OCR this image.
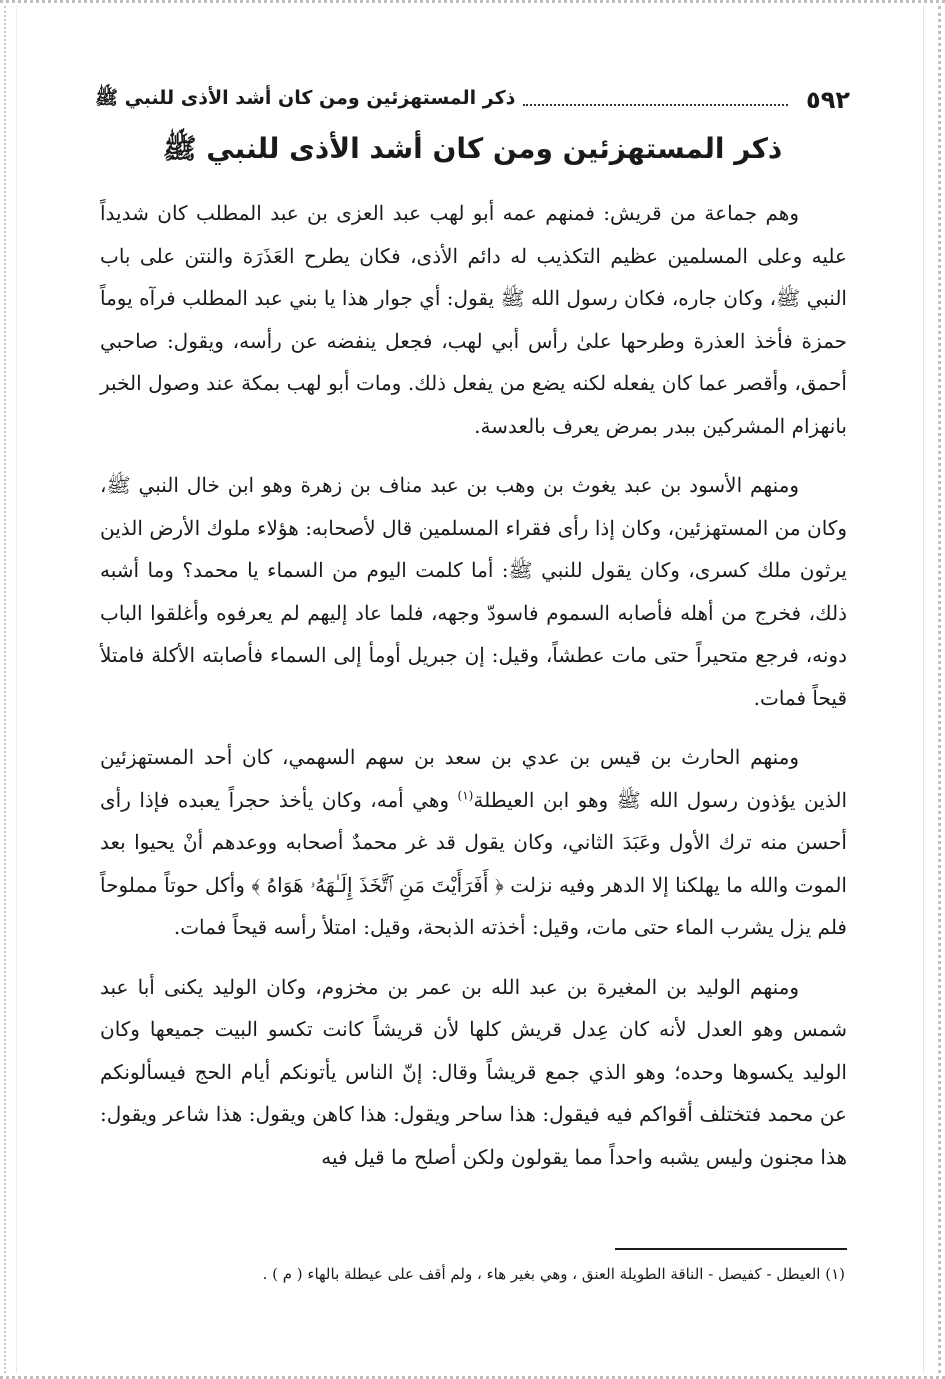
٥٩٢
ذكر المستهزئين ومن كان أشد الأذى للنبي ﷺ
ذكر المستهزئين ومن كان أشد الأذى للنبي ﷺ

وهم جماعة من قريش: فمنهم عمه أبو لهب عبد العزى بن عبد المطلب كان شديداً عليه وعلى المسلمين عظيم التكذيب له دائم الأذى، فكان يطرح العَذَرَة والنتن على باب النبي ﷺ، وكان جاره، فكان رسول الله ﷺ يقول: أي جوار هذا يا بني عبد المطلب فرآه يوماً حمزة فأخذ العذرة وطرحها علىٰ رأس أبي لهب، فجعل ينفضه عن رأسه، ويقول: صاحبي أحمق، وأقصر عما كان يفعله لكنه يضع من يفعل ذلك. ومات أبو لهب بمكة عند وصول الخبر بانهزام المشركين ببدر بمرض يعرف بالعدسة.

ومنهم الأسود بن عبد يغوث بن وهب بن عبد مناف بن زهرة وهو ابن خال النبي ﷺ، وكان من المستهزئين، وكان إذا رأى فقراء المسلمين قال لأصحابه: هؤلاء ملوك الأرض الذين يرثون ملك كسرى، وكان يقول للنبي ﷺ: أما كلمت اليوم من السماء يا محمد؟ وما أشبه ذلك، فخرج من أهله فأصابه السموم فاسودّ وجهه، فلما عاد إليهم لم يعرفوه وأغلقوا الباب دونه، فرجع متحيراً حتى مات عطشاً، وقيل: إن جبريل أومأ إلى السماء فأصابته الأكلة فامتلأ قيحاً فمات.

ومنهم الحارث بن قيس بن عدي بن سعد بن سهم السهمي، كان أحد المستهزئين الذين يؤذون رسول الله ﷺ وهو ابن العيطلة$^{(١)}$ وهي أمه، وكان يأخذ حجراً يعبده فإذا رأى أحسن منه ترك الأول وعَبَدَ الثاني، وكان يقول قد غر محمدٌ أصحابه ووعدهم أنْ يحيوا بعد الموت والله ما يهلكنا إلا الدهر وفيه نزلت ﴿ أَفَرَأَيْتَ مَنِ ٱتَّخَذَ إِلَـٰهَهُۥ هَوَاهُ ﴾ وأكل حوتاً مملوحاً فلم يزل يشرب الماء حتى مات، وقيل: أخذته الذبحة، وقيل: امتلأ رأسه قيحاً فمات.

ومنهم الوليد بن المغيرة بن عبد الله بن عمر بن مخزوم، وكان الوليد يكنى أبا عبد شمس وهو العدل لأنه كان عِدل قريش كلها لأن قريشاً كانت تكسو البيت جميعها وكان الوليد يكسوها وحده؛ وهو الذي جمع قريشاً وقال: إنّ الناس يأتونكم أيام الحج فيسألونكم عن محمد فتختلف أقواكم فيه فيقول: هذا ساحر ويقول: هذا كاهن ويقول: هذا شاعر ويقول: هذا مجنون وليس يشبه واحداً مما يقولون ولكن أصلح ما قيل فيه

(١) العيطل - كفيصل - الناقة الطويلة العنق ، وهي بغير هاء ، ولم أقف على عيطلة بالهاء ( م ) .
